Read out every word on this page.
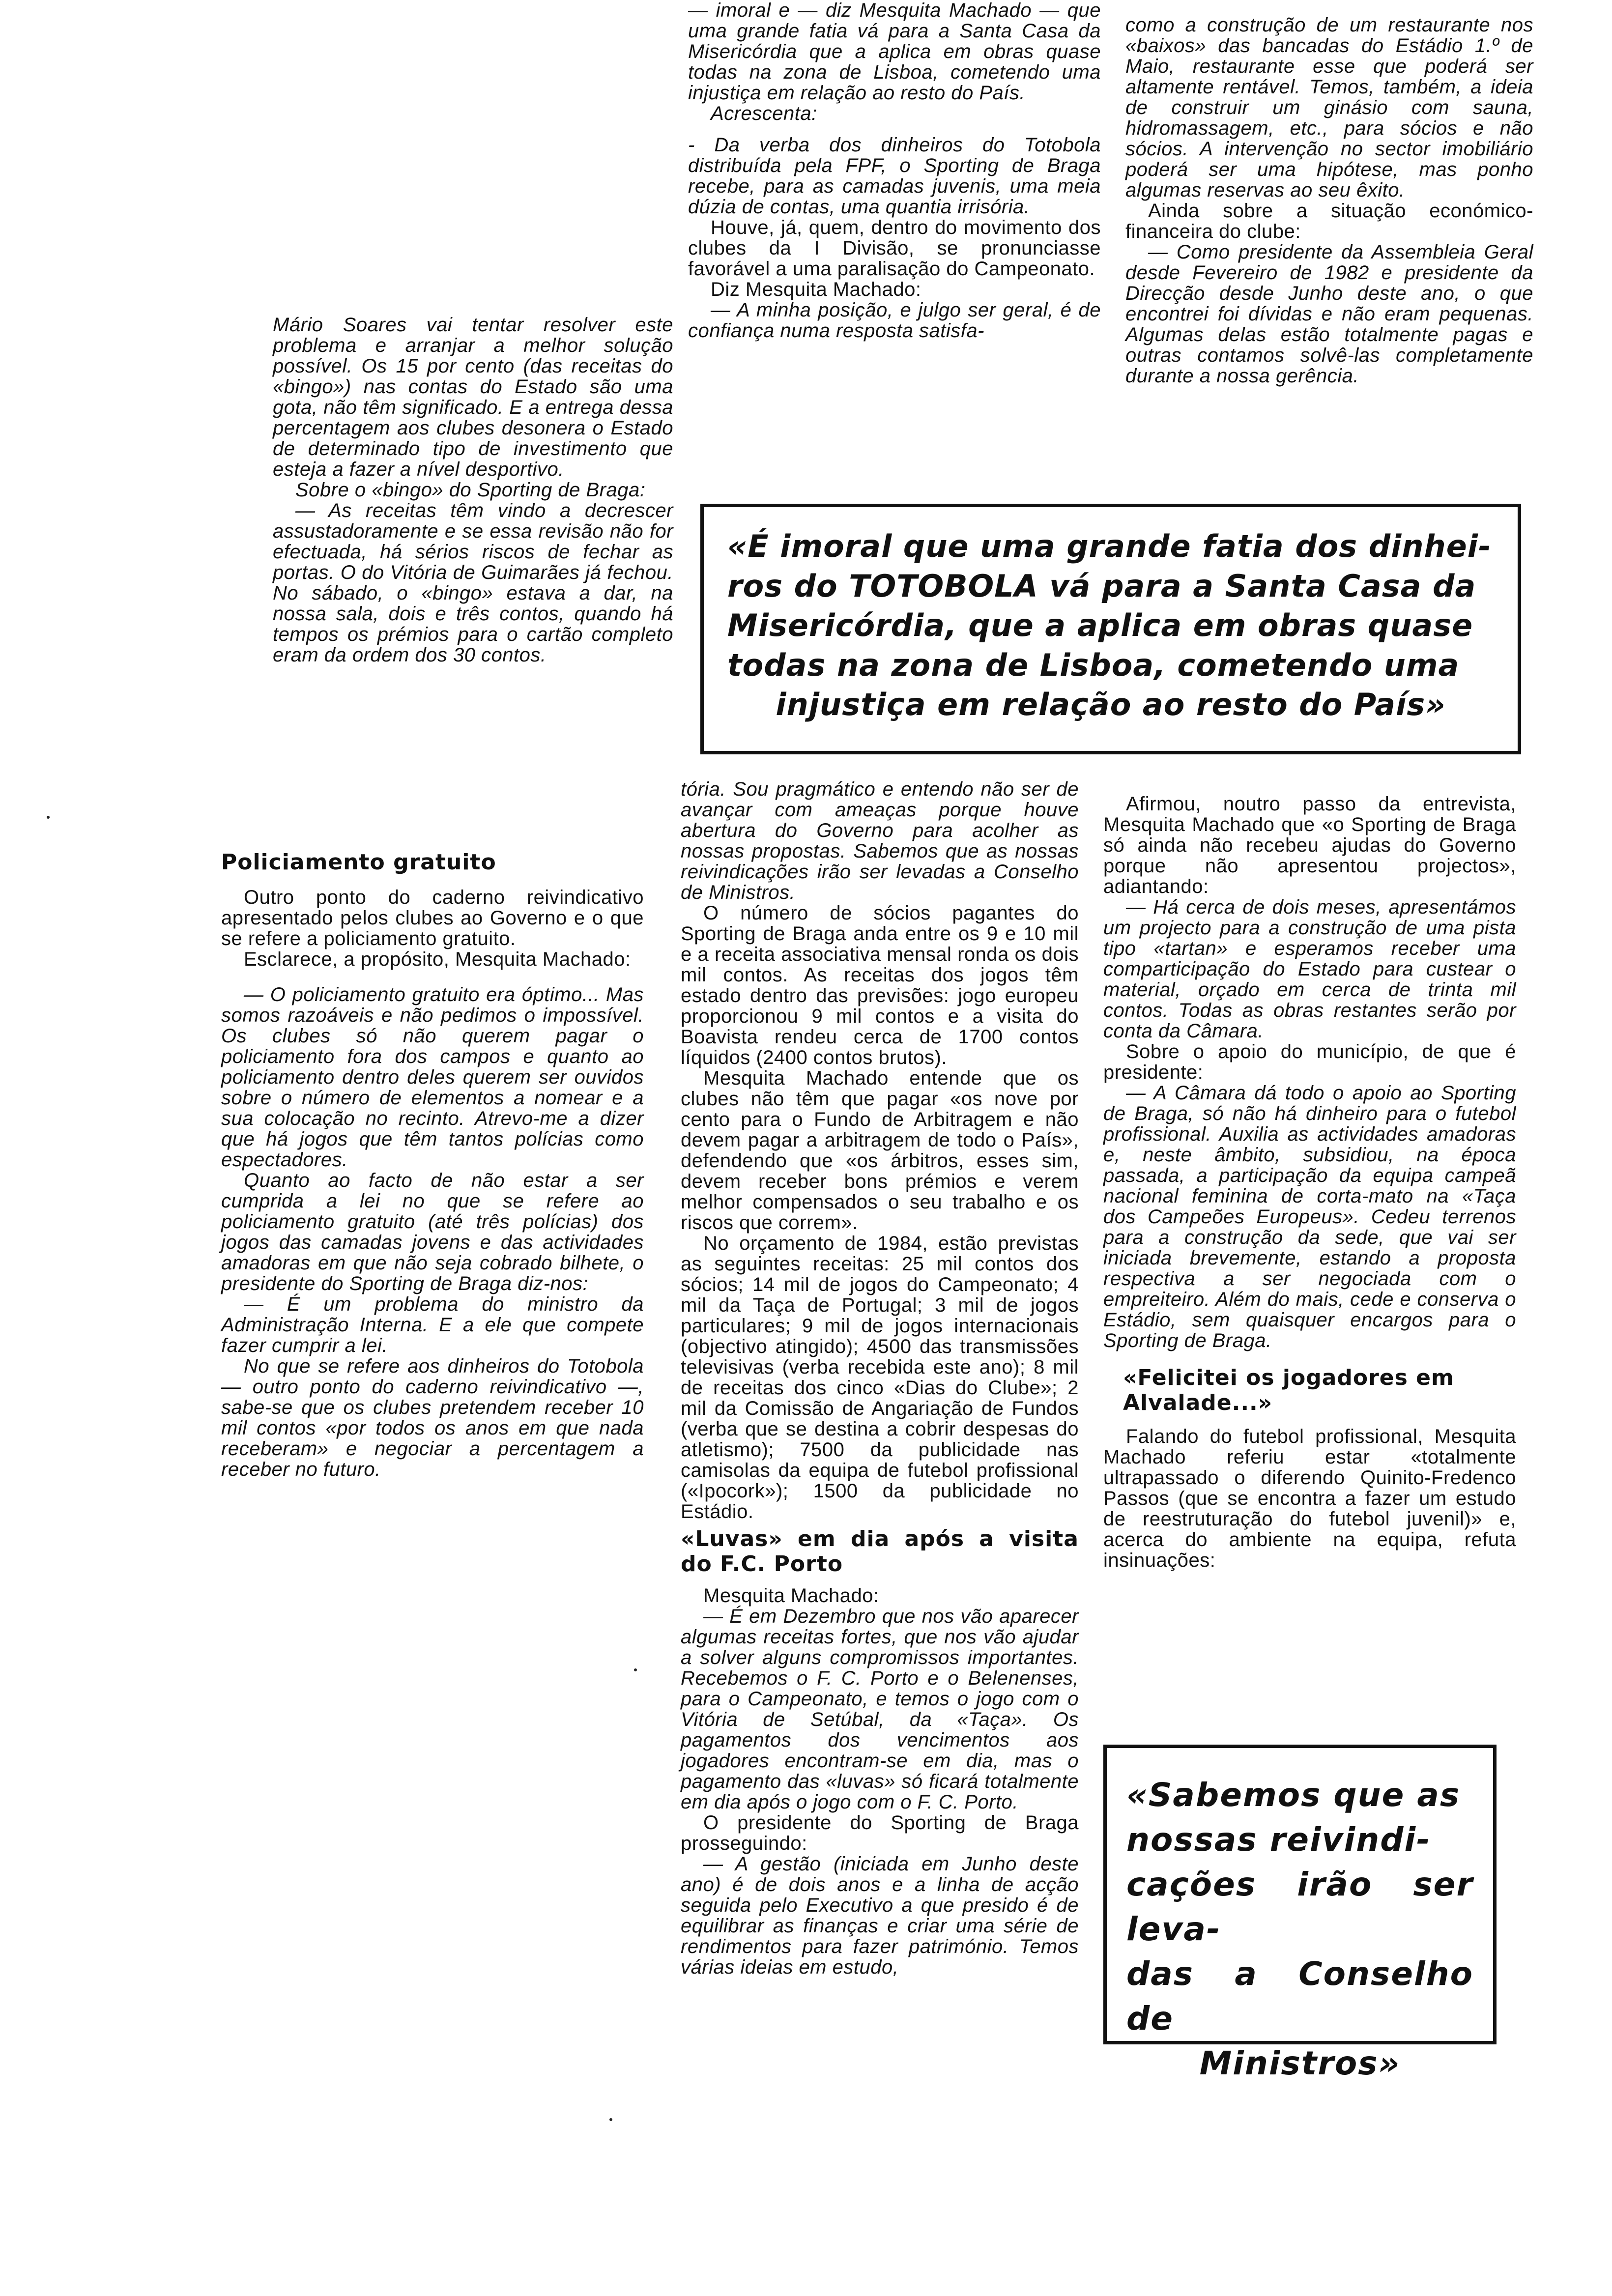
Mário Soares vai tentar resolver este problema e arranjar a melhor solução possível. Os 15 por cento (das receitas do «bingo») nas contas do Estado são uma gota, não têm significado. E a entrega dessa percentagem aos clubes desonera o Estado de determinado tipo de investimento que esteja a fazer a nível desportivo.

Sobre o «bingo» do Sporting de Braga:

— As receitas têm vindo a decrescer assustadoramente e se essa revisão não for efectuada, há sérios riscos de fechar as portas. O do Vitória de Guimarães já fechou. No sábado, o «bingo» estava a dar, na nossa sala, dois e três contos, quando há tempos os prémios para o cartão completo eram da ordem dos 30 contos.

Policiamento gratuito

Outro ponto do caderno reivindicativo apresentado pelos clubes ao Governo e o que se refere a policiamento gratuito.

Esclarece, a propósito, Mesquita Machado:

— O policiamento gratuito era óptimo... Mas somos razoáveis e não pedimos o impossível. Os clubes só não querem pagar o policiamento fora dos campos e quanto ao policiamento dentro deles querem ser ouvidos sobre o número de elementos a nomear e a sua colocação no recinto. Atrevo-me a dizer que há jogos que têm tantos polícias como espectadores.

Quanto ao facto de não estar a ser cumprida a lei no que se refere ao policiamento gratuito (até três polícias) dos jogos das camadas jovens e das actividades amadoras em que não seja cobrado bilhete, o presidente do Sporting de Braga diz-nos:

— É um problema do ministro da Administração Interna. E a ele que compete fazer cumprir a lei.

No que se refere aos dinheiros do Totobola — outro ponto do caderno reivindicativo —, sabe-se que os clubes pretendem receber 10 mil contos «por todos os anos em que nada receberam» e negociar a percentagem a receber no futuro.

— imoral e — diz Mesquita Machado — que uma grande fatia vá para a Santa Casa da Misericórdia que a aplica em obras quase todas na zona de Lisboa, cometendo uma injustiça em relação ao resto do País.

Acrescenta:

- Da verba dos dinheiros do Totobola distribuída pela FPF, o Sporting de Braga recebe, para as camadas juvenis, uma meia dúzia de contas, uma quantia irrisória.

Houve, já, quem, dentro do movimento dos clubes da I Divisão, se pronunciasse favorável a uma paralisação do Campeonato.

Diz Mesquita Machado:

— A minha posição, e julgo ser geral, é de confiança numa resposta satisfa-

tória. Sou pragmático e entendo não ser de avançar com ameaças porque houve abertura do Governo para acolher as nossas propostas. Sabemos que as nossas reivindicações irão ser levadas a Conselho de Ministros.

O número de sócios pagantes do Sporting de Braga anda entre os 9 e 10 mil e a receita associativa mensal ronda os dois mil contos. As receitas dos jogos têm estado dentro das previsões: jogo europeu proporcionou 9 mil contos e a visita do Boavista rendeu cerca de 1700 contos líquidos (2400 contos brutos).

Mesquita Machado entende que os clubes não têm que pagar «os nove por cento para o Fundo de Arbitragem e não devem pagar a arbitragem de todo o País», defendendo que «os árbitros, esses sim, devem receber bons prémios e verem melhor compensados o seu trabalho e os riscos que correm».

No orçamento de 1984, estão previstas as seguintes receitas: 25 mil contos dos sócios; 14 mil de jogos do Campeonato; 4 mil da Taça de Portugal; 3 mil de jogos particulares; 9 mil de jogos internacionais (objectivo atingido); 4500 das transmissões televisivas (verba recebida este ano); 8 mil de receitas dos cinco «Dias do Clube»; 2 mil da Comissão de Angariação de Fundos (verba que se destina a cobrir despesas do atletismo); 7500 da publicidade nas camisolas da equipa de futebol profissional («Ipocork»); 1500 da publicidade no Estádio.

«Luvas» em dia após a visita do F.C. Porto

Mesquita Machado:

— É em Dezembro que nos vão aparecer algumas receitas fortes, que nos vão ajudar a solver alguns compromissos importantes. Recebemos o F. C. Porto e o Belenenses, para o Campeonato, e temos o jogo com o Vitória de Setúbal, da «Taça». Os pagamentos dos vencimentos aos jogadores encontram-se em dia, mas o pagamento das «luvas» só ficará totalmente em dia após o jogo com o F. C. Porto.

O presidente do Sporting de Braga prosseguindo:

— A gestão (iniciada em Junho deste ano) é de dois anos e a linha de acção seguida pelo Executivo a que presido é de equilibrar as finanças e criar uma série de rendimentos para fazer património. Temos várias ideias em estudo,

como a construção de um restaurante nos «baixos» das bancadas do Estádio 1.º de Maio, restaurante esse que poderá ser altamente rentável. Temos, também, a ideia de construir um ginásio com sauna, hidromassagem, etc., para sócios e não sócios. A intervenção no sector imobiliário poderá ser uma hipótese, mas ponho algumas reservas ao seu êxito.

Ainda sobre a situação económico-financeira do clube:

— Como presidente da Assembleia Geral desde Fevereiro de 1982 e presidente da Direcção desde Junho deste ano, o que encontrei foi dívidas e não eram pequenas. Algumas delas estão totalmente pagas e outras contamos solvê-las completamente durante a nossa gerência.

Afirmou, noutro passo da entrevista, Mesquita Machado que «o Sporting de Braga só ainda não recebeu ajudas do Governo porque não apresentou projectos», adiantando:

— Há cerca de dois meses, apresentámos um projecto para a construção de uma pista tipo «tartan» e esperamos receber uma comparticipação do Estado para custear o material, orçado em cerca de trinta mil contos. Todas as obras restantes serão por conta da Câmara.

Sobre o apoio do município, de que é presidente:

— A Câmara dá todo o apoio ao Sporting de Braga, só não há dinheiro para o futebol profissional. Auxilia as actividades amadoras e, neste âmbito, subsidiou, na época passada, a participação da equipa campeã nacional feminina de corta-mato na «Taça dos Campeões Europeus». Cedeu terrenos para a construção da sede, que vai ser iniciada brevemente, estando a proposta respectiva a ser negociada com o empreiteiro. Além do mais, cede e conserva o Estádio, sem quaisquer encargos para o Sporting de Braga.

«Felicitei os jogadores em Alvalade...»

Falando do futebol profissional, Mesquita Machado referiu estar «totalmente ultrapassado o diferendo Quinito-Fredenco Passos (que se encontra a fazer um estudo de reestruturação do futebol juvenil)» e, acerca do ambiente na equipa, refuta insinuações:

«É imoral que uma grande fatia dos dinhei-
ros do TOTOBOLA vá para a Santa Casa da
Misericórdia, que a aplica em obras quase
todas na zona de Lisboa, cometendo uma
injustiça em relação ao resto do País»
«Sabemos que as
nossas reivindi-
cações irão ser leva-
das a Conselho de
Ministros»
